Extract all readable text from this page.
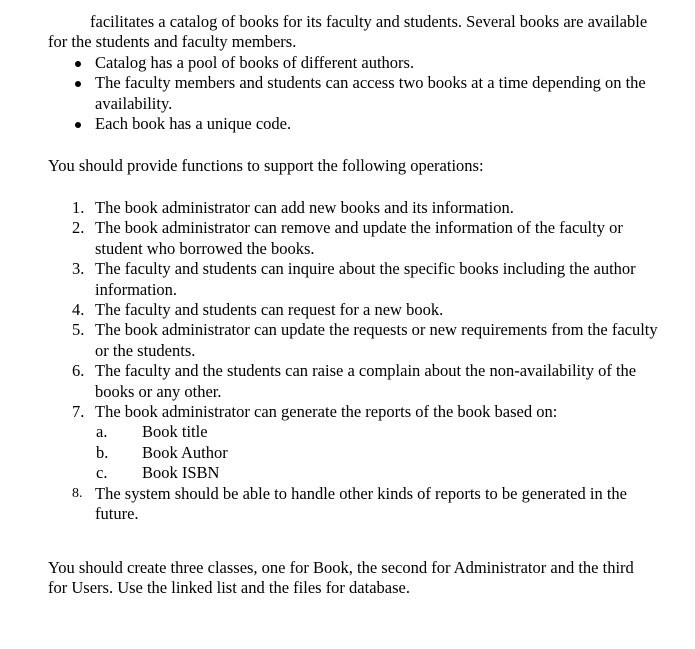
facilitates a catalog of books for its faculty and students. Several books are available for the students and faculty members.
Catalog has a pool of books of different authors.
The faculty members and students can access two books at a time depending on the availability.
Each book has a unique code.
You should provide functions to support the following operations:
1. The book administrator can add new books and its information.
2. The book administrator can remove and update the information of the faculty or student who borrowed the books.
3. The faculty and students can inquire about the specific books including the author information.
4. The faculty and students can request for a new book.
5. The book administrator can update the requests or new requirements from the faculty or the students.
6. The faculty and the students can raise a complain about the non-availability of the books or any other.
7. The book administrator can generate the reports of the book based on:
a. Book title
b. Book Author
c. Book ISBN
8. The system should be able to handle other kinds of reports to be generated in the future.
You should create three classes, one for Book, the second for Administrator and the third for Users. Use the linked list and the files for database.
